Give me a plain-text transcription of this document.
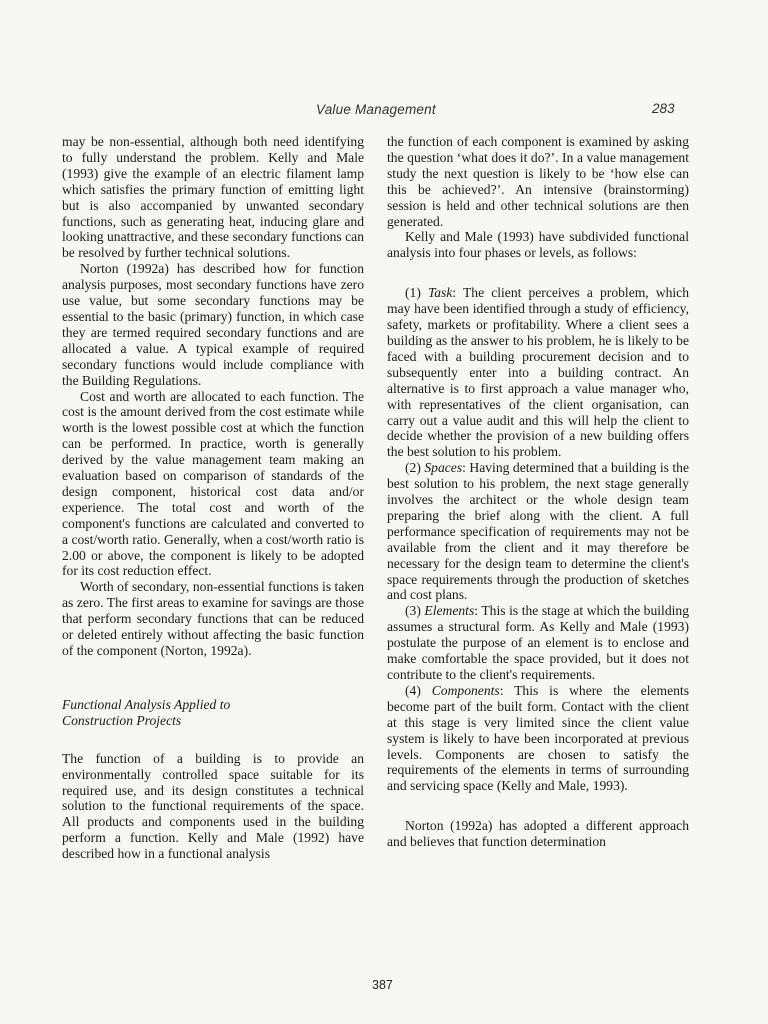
Value Management	283

may be non-essential, although both need identifying to fully understand the problem. Kelly and Male (1993) give the example of an electric filament lamp which satisfies the primary function of emitting light but is also accompanied by unwanted secondary functions, such as generating heat, inducing glare and looking unattractive, and these secondary functions can be resolved by further technical solutions.

Norton (1992a) has described how for function analysis purposes, most secondary functions have zero use value, but some secondary functions may be essential to the basic (primary) function, in which case they are termed required secondary functions and are allocated a value. A typical example of required secondary functions would include compliance with the Building Regulations.

Cost and worth are allocated to each function. The cost is the amount derived from the cost estimate while worth is the lowest possible cost at which the function can be performed. In practice, worth is generally derived by the value management team making an evaluation based on comparison of standards of the design component, historical cost data and/or experience. The total cost and worth of the component's functions are calculated and converted to a cost/worth ratio. Generally, when a cost/worth ratio is 2.00 or above, the component is likely to be adopted for its cost reduction effect.

Worth of secondary, non-essential functions is taken as zero. The first areas to examine for savings are those that perform secondary functions that can be reduced or deleted entirely without affecting the basic function of the component (Norton, 1992a).

Functional Analysis Applied to
Construction Projects

The function of a building is to provide an environmentally controlled space suitable for its required use, and its design constitutes a technical solution to the functional requirements of the space. All products and components used in the building perform a function. Kelly and Male (1992) have described how in a functional analysis

the function of each component is examined by asking the question ‘what does it do?’. In a value management study the next question is likely to be ‘how else can this be achieved?’. An intensive (brainstorming) session is held and other technical solutions are then generated.

Kelly and Male (1993) have subdivided functional analysis into four phases or levels, as follows:

(1) Task: The client perceives a problem, which may have been identified through a study of efficiency, safety, markets or profitability. Where a client sees a building as the answer to his problem, he is likely to be faced with a building procurement decision and to subsequently enter into a building contract. An alternative is to first approach a value manager who, with representatives of the client organisation, can carry out a value audit and this will help the client to decide whether the provision of a new building offers the best solution to his problem.

(2) Spaces: Having determined that a building is the best solution to his problem, the next stage generally involves the architect or the whole design team preparing the brief along with the client. A full performance specification of requirements may not be available from the client and it may therefore be necessary for the design team to determine the client's space requirements through the production of sketches and cost plans.

(3) Elements: This is the stage at which the building assumes a structural form. As Kelly and Male (1993) postulate the purpose of an element is to enclose and make comfortable the space provided, but it does not contribute to the client's requirements.

(4) Components: This is where the elements become part of the built form. Contact with the client at this stage is very limited since the client value system is likely to have been incorporated at previous levels. Components are chosen to satisfy the requirements of the elements in terms of surrounding and servicing space (Kelly and Male, 1993).

Norton (1992a) has adopted a different approach and believes that function determination

387
